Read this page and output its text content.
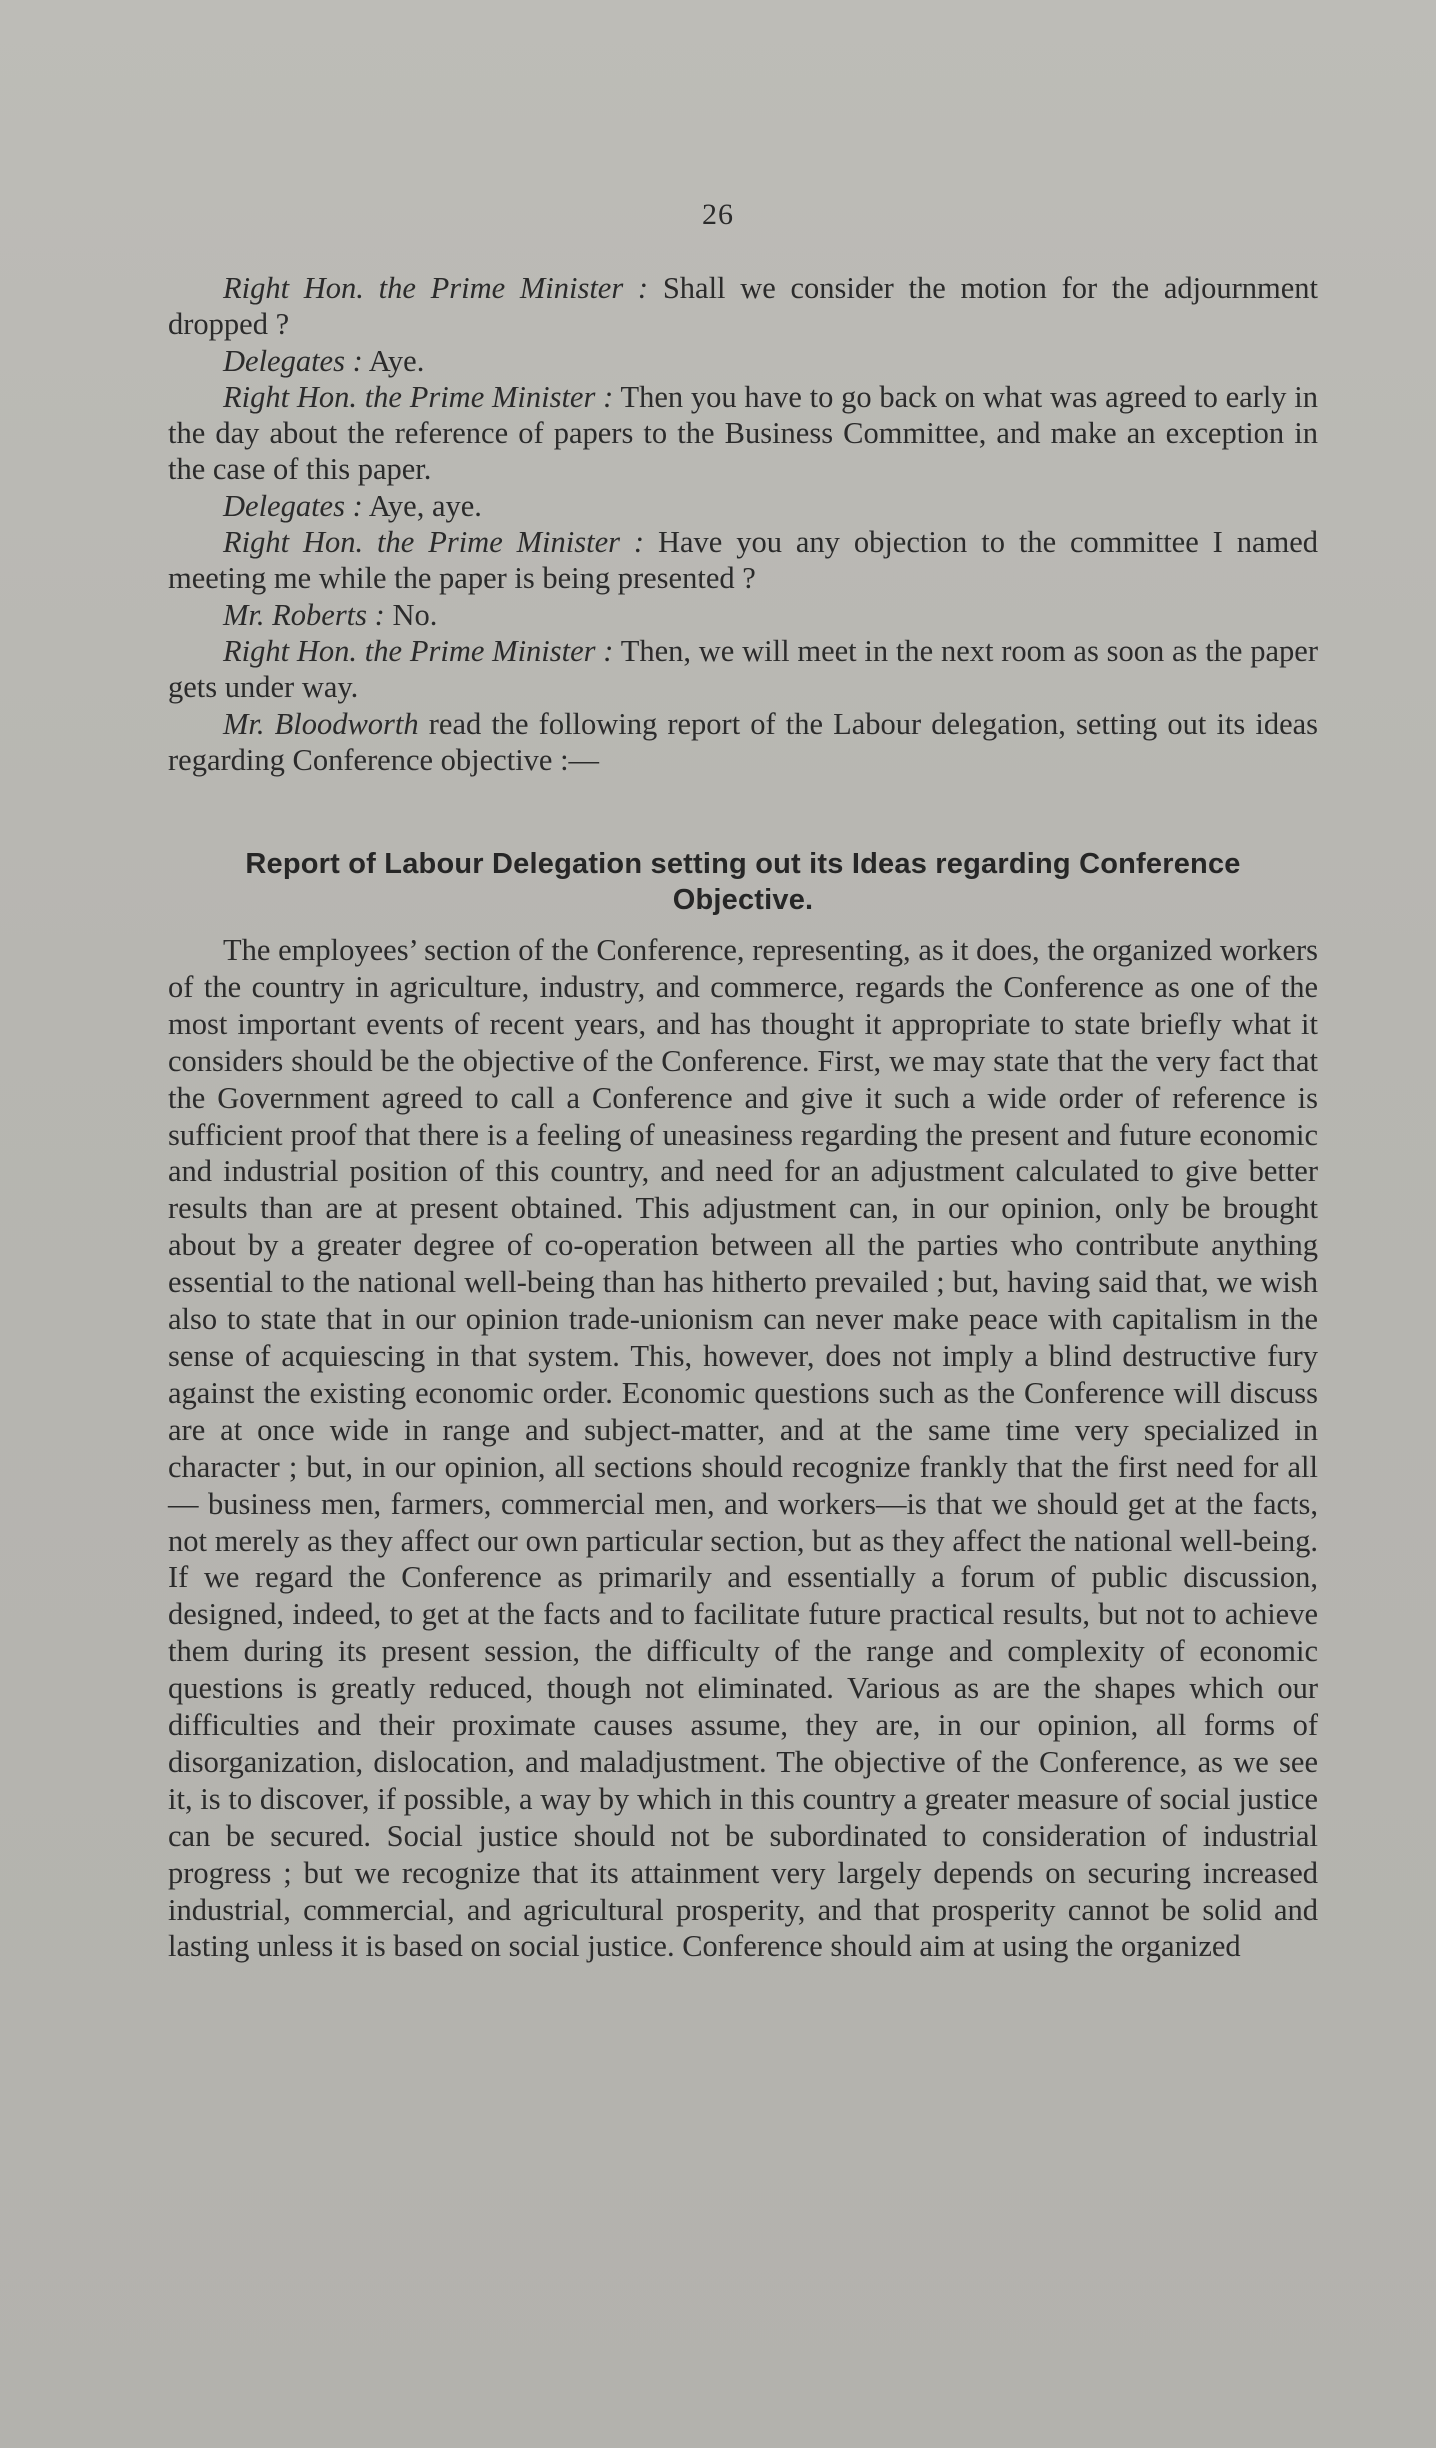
26

Right Hon. the Prime Minister : Shall we consider the motion for the adjournment dropped ?

Delegates : Aye.

Right Hon. the Prime Minister : Then you have to go back on what was agreed to early in the day about the reference of papers to the Business Committee, and make an exception in the case of this paper.

Delegates : Aye, aye.

Right Hon. the Prime Minister : Have you any objection to the committee I named meeting me while the paper is being presented ?

Mr. Roberts : No.

Right Hon. the Prime Minister : Then, we will meet in the next room as soon as the paper gets under way.

Mr. Bloodworth read the following report of the Labour delegation, setting out its ideas regarding Conference objective :—

Report of Labour Delegation setting out its Ideas regarding Conference
Objective.

The employees’ section of the Conference, representing, as it does, the organized workers of the country in agriculture, industry, and commerce, regards the Conference as one of the most important events of recent years, and has thought it appropriate to state briefly what it considers should be the objective of the Conference. First, we may state that the very fact that the Government agreed to call a Conference and give it such a wide order of reference is sufficient proof that there is a feeling of uneasiness regarding the present and future economic and industrial position of this country, and need for an adjustment calculated to give better results than are at present obtained. This adjustment can, in our opinion, only be brought about by a greater degree of co-operation between all the parties who contribute anything essential to the national well-being than has hitherto prevailed ; but, having said that, we wish also to state that in our opinion trade-unionism can never make peace with capitalism in the sense of acquiescing in that system. This, however, does not imply a blind destructive fury against the existing economic order. Economic questions such as the Conference will discuss are at once wide in range and subject-matter, and at the same time very specialized in character ; but, in our opinion, all sections should recognize frankly that the first need for all — business men, farmers, commercial men, and workers—is that we should get at the facts, not merely as they affect our own particular section, but as they affect the national well-being. If we regard the Conference as primarily and essentially a forum of public discussion, designed, indeed, to get at the facts and to facilitate future practical results, but not to achieve them during its present session, the difficulty of the range and complexity of economic questions is greatly reduced, though not eliminated. Various as are the shapes which our difficulties and their proximate causes assume, they are, in our opinion, all forms of disorganization, dislocation, and maladjustment. The objective of the Conference, as we see it, is to discover, if possible, a way by which in this country a greater measure of social justice can be secured. Social justice should not be subordinated to consideration of industrial progress ; but we recognize that its attainment very largely depends on securing increased industrial, commercial, and agricultural prosperity, and that prosperity cannot be solid and lasting unless it is based on social justice. Conference should aim at using the organized
